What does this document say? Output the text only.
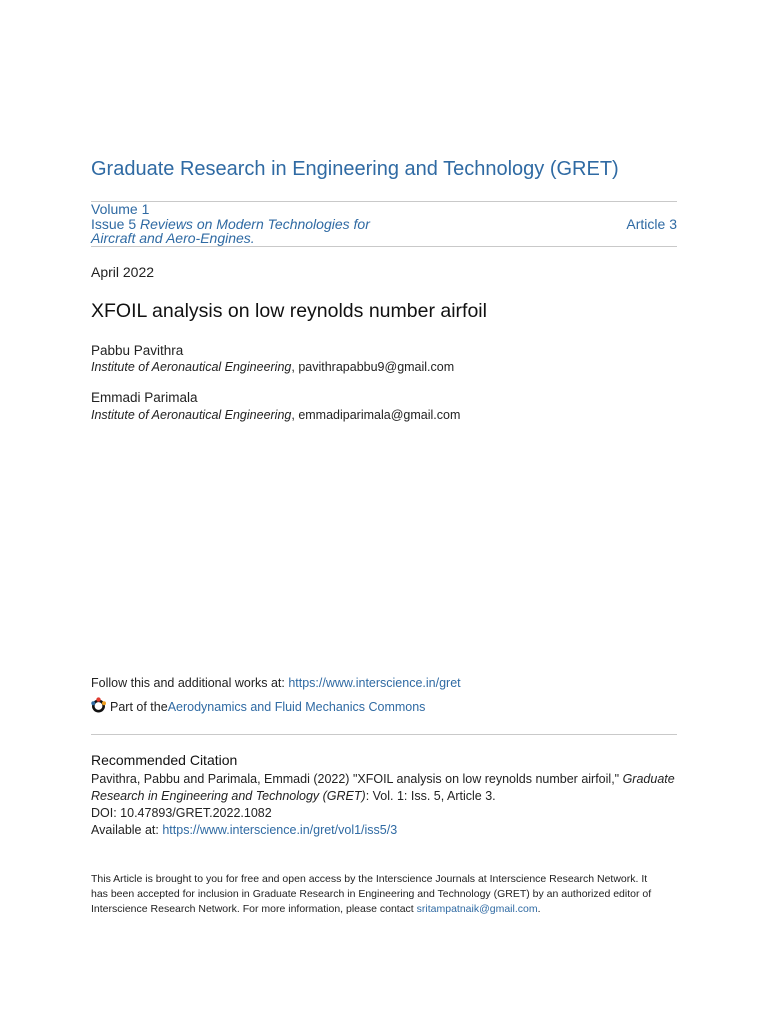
Graduate Research in Engineering and Technology (GRET)
Volume 1
Issue 5 Reviews on Modern Technologies for
Aircraft and Aero-Engines.
Article 3
April 2022
XFOIL analysis on low reynolds number airfoil
Pabbu Pavithra
Institute of Aeronautical Engineering, pavithrapabbu9@gmail.com
Emmadi Parimala
Institute of Aeronautical Engineering, emmadiparimala@gmail.com
Follow this and additional works at: https://www.interscience.in/gret
Part of the Aerodynamics and Fluid Mechanics Commons
Recommended Citation
Pavithra, Pabbu and Parimala, Emmadi (2022) "XFOIL analysis on low reynolds number airfoil," Graduate Research in Engineering and Technology (GRET): Vol. 1: Iss. 5, Article 3.
DOI: 10.47893/GRET.2022.1082
Available at: https://www.interscience.in/gret/vol1/iss5/3
This Article is brought to you for free and open access by the Interscience Journals at Interscience Research Network. It has been accepted for inclusion in Graduate Research in Engineering and Technology (GRET) by an authorized editor of Interscience Research Network. For more information, please contact sritampatnaik@gmail.com.
